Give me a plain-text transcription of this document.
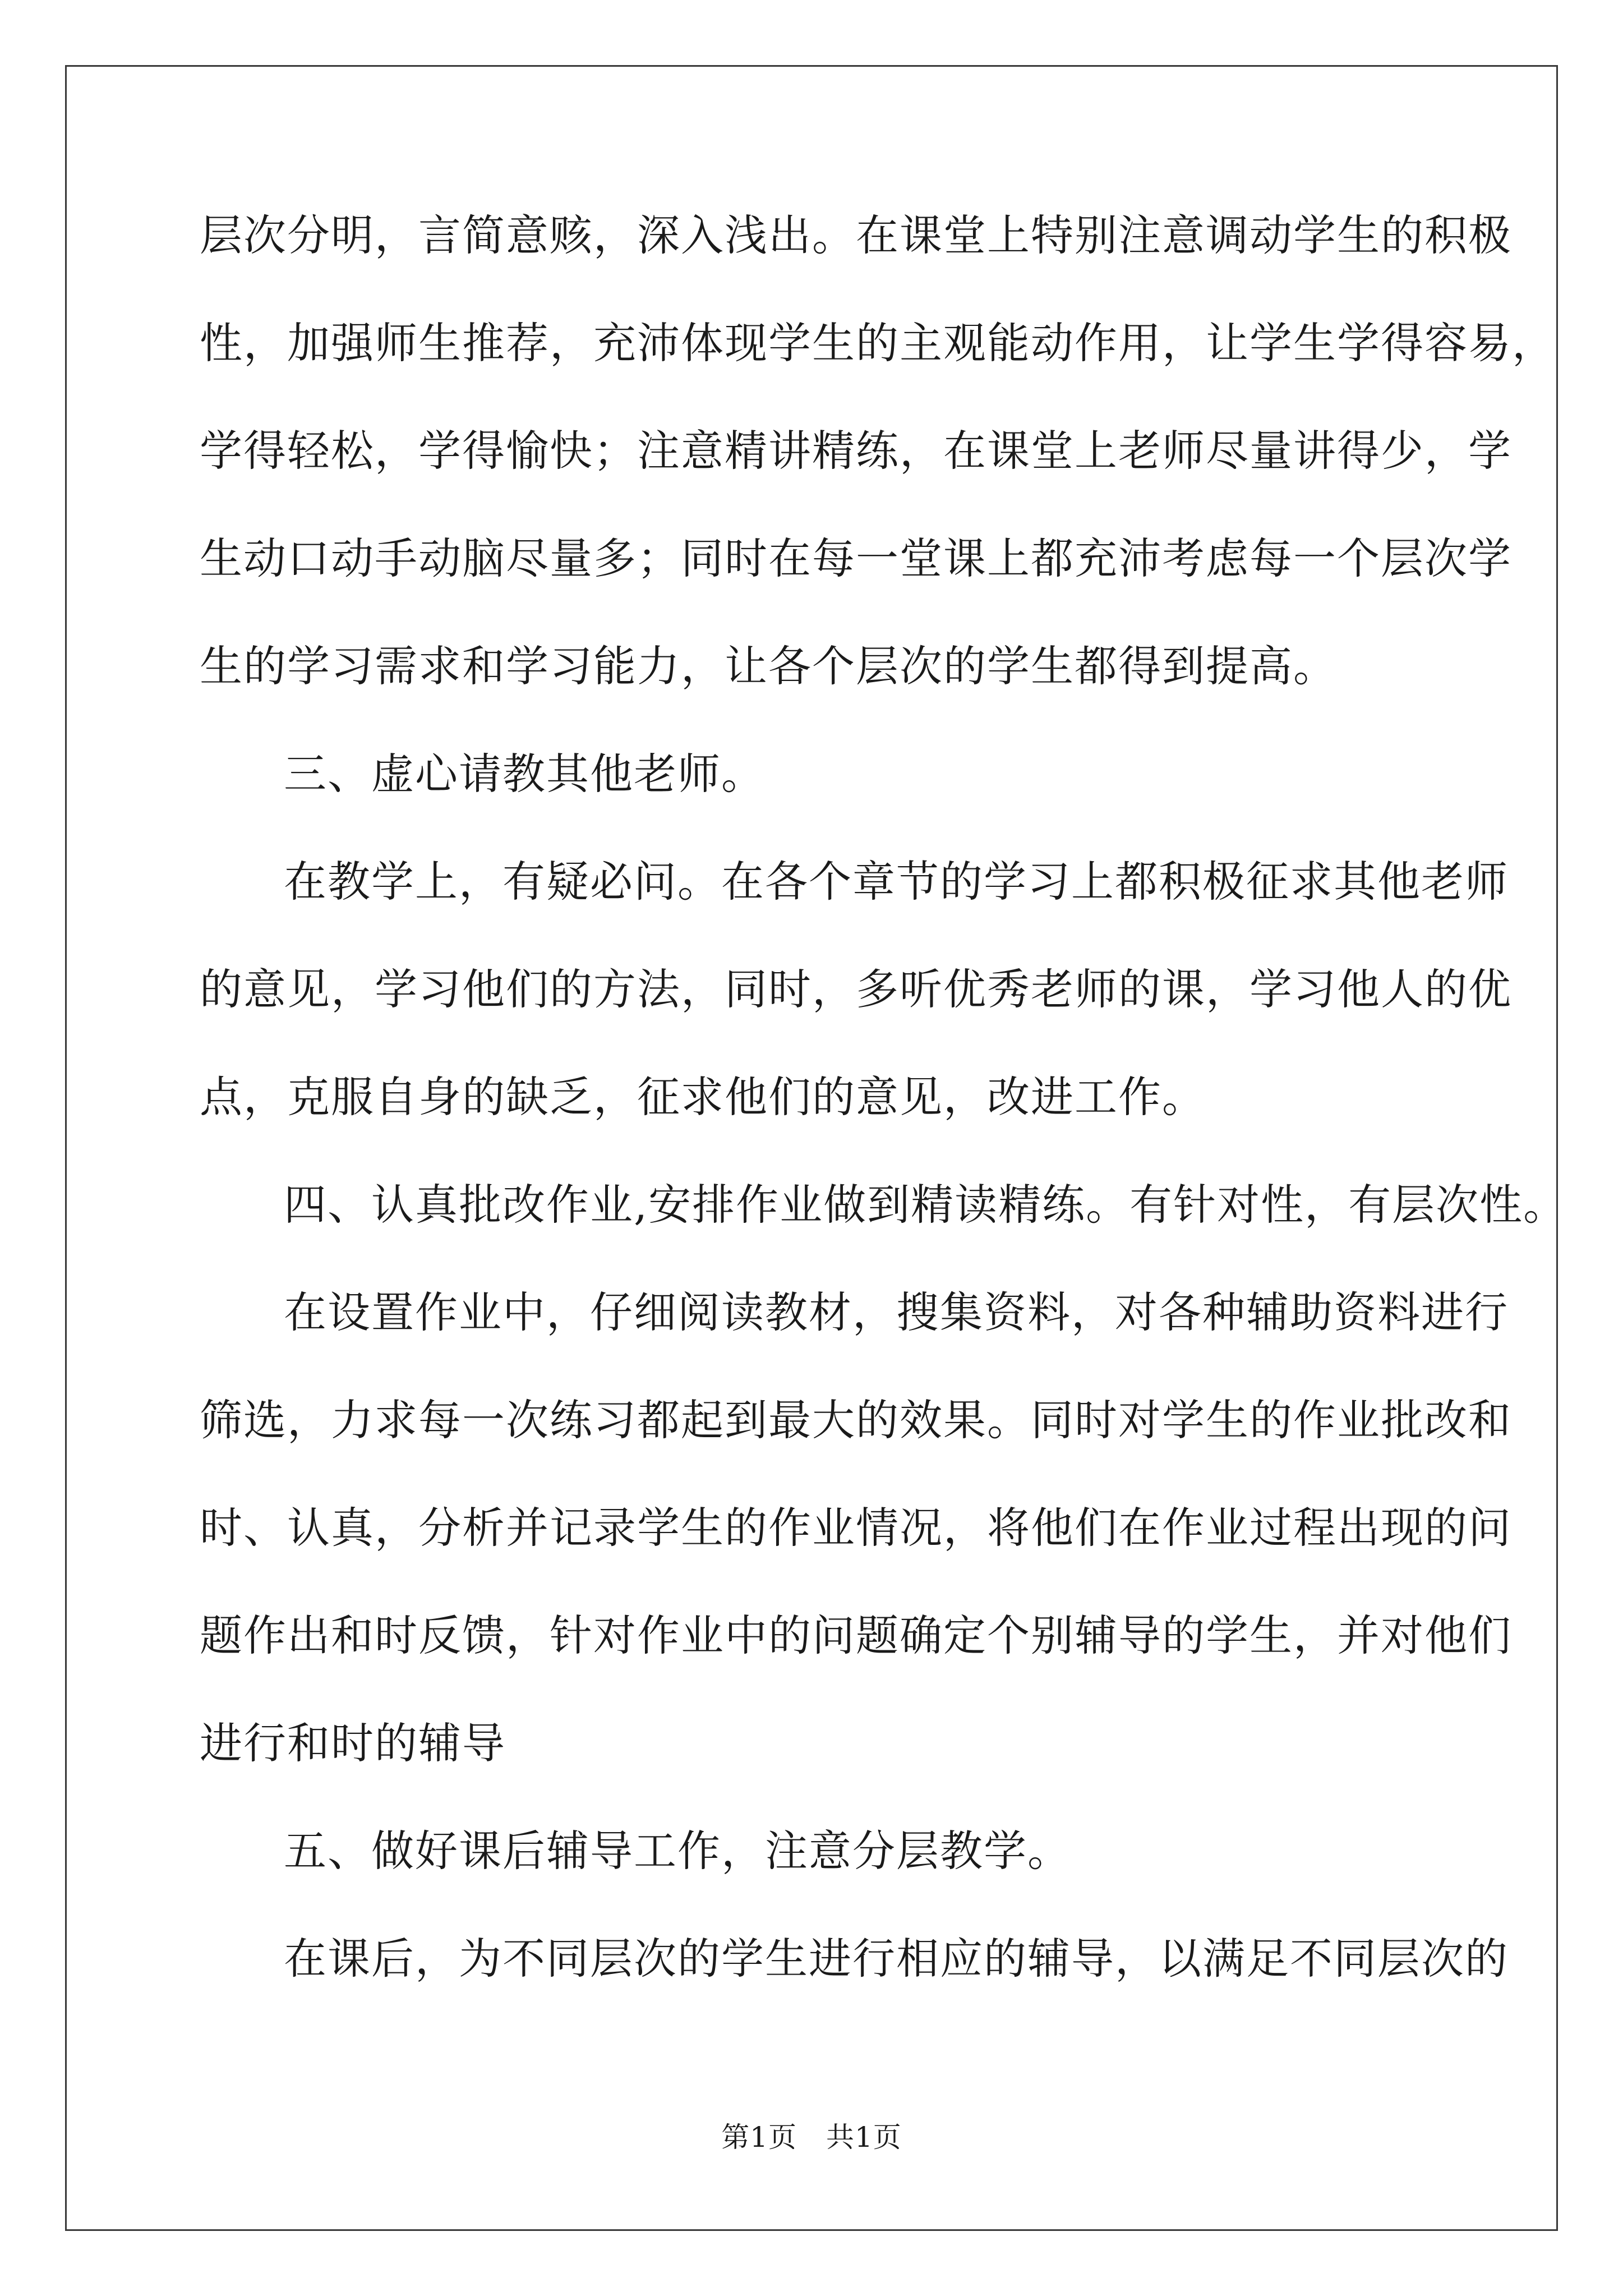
层次分明，言简意赅，深入浅出。在课堂上特别注意调动学生的积极
性，加强师生推荐，充沛体现学生的主观能动作用，让学生学得容易，
学得轻松，学得愉快；注意精讲精练，在课堂上老师尽量讲得少，学
生动口动手动脑尽量多；同时在每一堂课上都充沛考虑每一个层次学
生的学习需求和学习能力，让各个层次的学生都得到提高。
三、虚心请教其他老师。
在教学上，有疑必问。在各个章节的学习上都积极征求其他老师
的意见，学习他们的方法，同时，多听优秀老师的课，学习他人的优
点，克服自身的缺乏，征求他们的意见，改进工作。
四、认真批改作业,安排作业做到精读精练。有针对性，有层次性。
在设置作业中，仔细阅读教材，搜集资料，对各种辅助资料进行
筛选，力求每一次练习都起到最大的效果。同时对学生的作业批改和
时、认真，分析并记录学生的作业情况，将他们在作业过程出现的问
题作出和时反馈，针对作业中的问题确定个别辅导的学生，并对他们
进行和时的辅导
五、做好课后辅导工作，注意分层教学。
在课后，为不同层次的学生进行相应的辅导，以满足不同层次的
第1页 共1页
